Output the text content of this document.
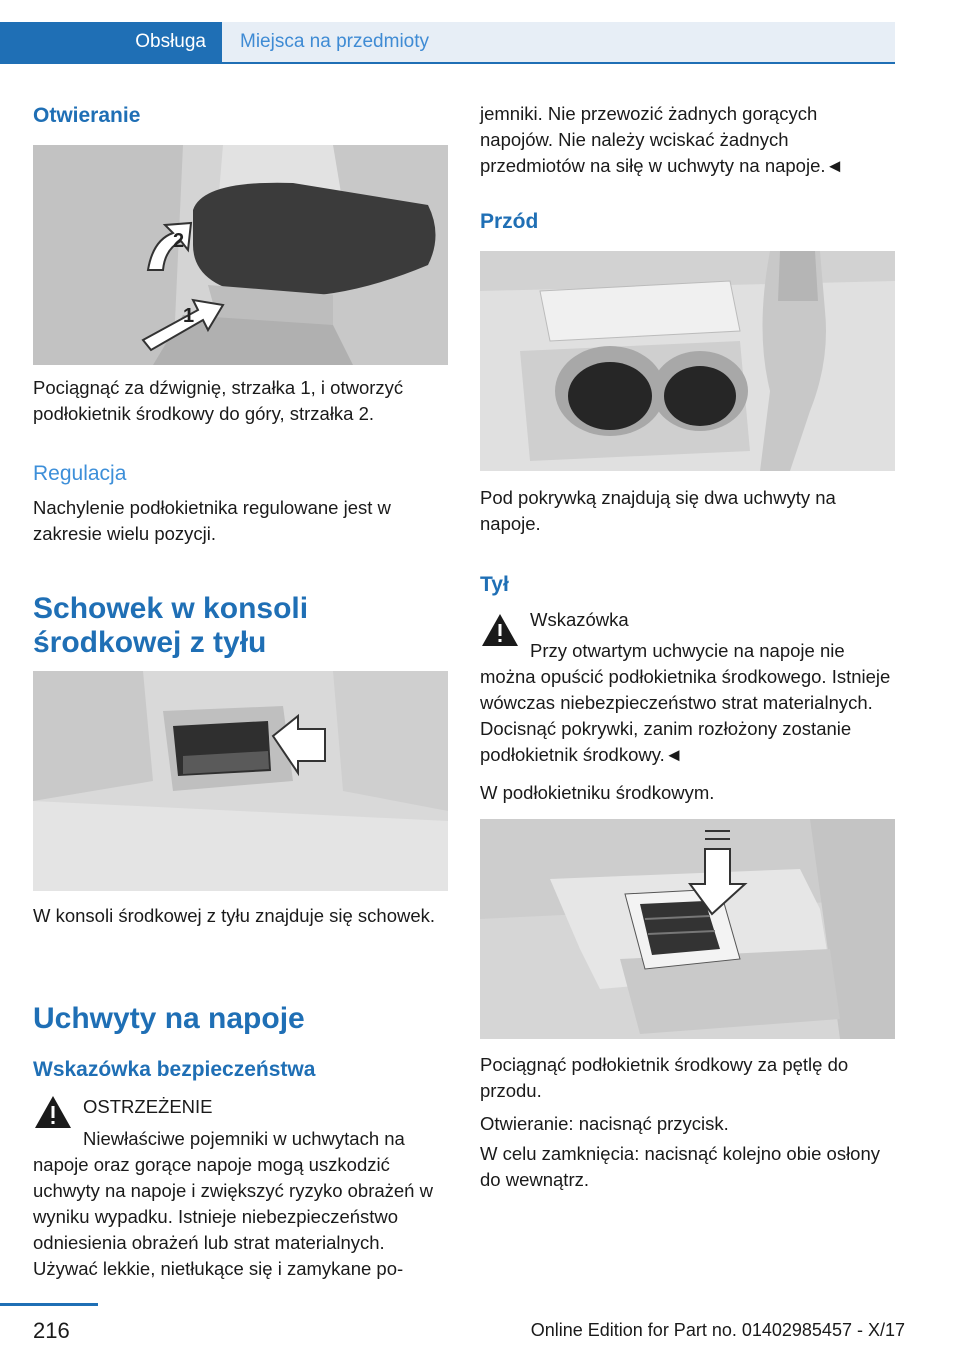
Obsługa	Miejsca na przedmioty
Otwieranie
1
2

Pociągnąć za dźwignię, strzałka 1, i otworzyć podłokietnik środkowy do góry, strzałka 2.

Regulacja

Nachylenie podłokietnika regulowane jest w zakresie wielu pozycji.

Schowek w konsoli środkowej z tyłu

W konsoli środkowej z tyłu znajduje się schowek.

Uchwyty na napoje
Wskazówka bezpieczeństwa
OSTRZEŻENIE

Niewłaściwe pojemniki w uchwytach na napoje oraz gorące napoje mogą uszkodzić uchwyty na napoje i zwiększyć ryzyko obrażeń w wyniku wypadku. Istnieje niebezpieczeństwo odniesienia obrażeń lub strat materialnych. Używać lekkie, nietłukące się i zamykane po-

jemniki. Nie przewozić żadnych gorących napojów. Nie należy wciskać żadnych przedmiotów na siłę w uchwyty na napoje.◄

Przód

Pod pokrywką znajdują się dwa uchwyty na napoje.

Tył
Wskazówka

Przy otwartym uchwycie na napoje nie można opuścić podłokietnika środkowego. Istnieje wówczas niebezpieczeństwo strat materialnych. Docisnąć pokrywki, zanim rozłożony zostanie podłokietnik środkowy.◄

W podłokietniku środkowym.

Pociągnąć podłokietnik środkowy za pętlę do przodu.

Otwieranie: nacisnąć przycisk.

W celu zamknięcia: nacisnąć kolejno obie osłony do wewnątrz.

216	Online Edition for Part no. 01402985457 - X/17
